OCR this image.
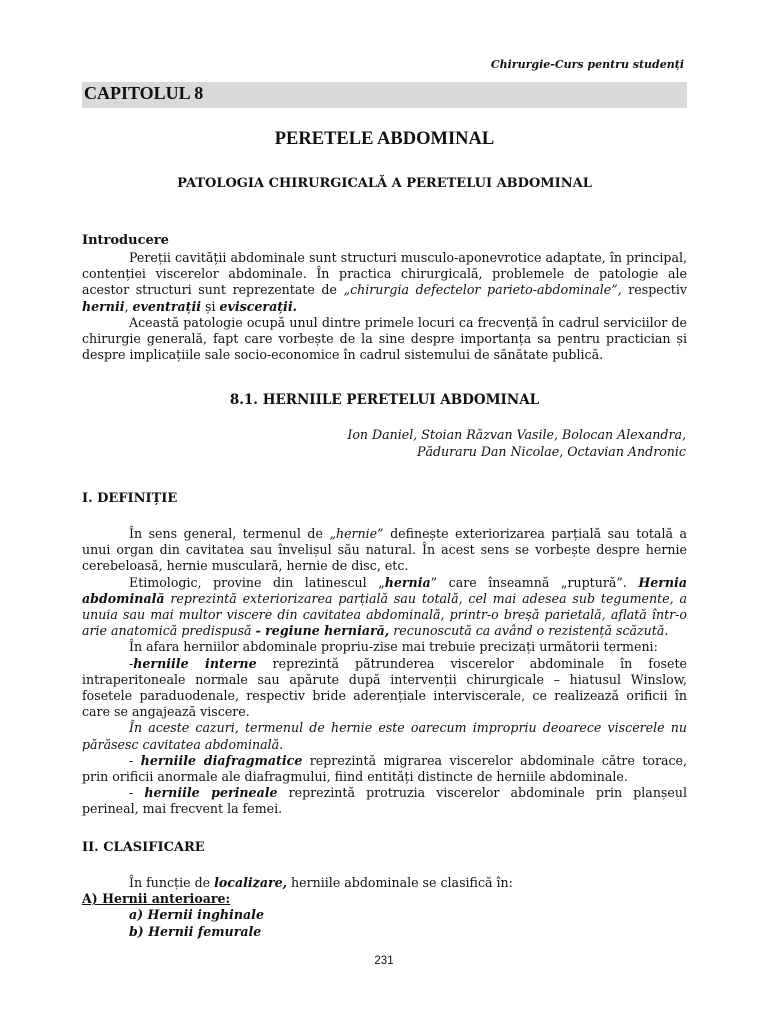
Chirurgie-Curs pentru studenți
CAPITOLUL 8
PERETELE ABDOMINAL
PATOLOGIA CHIRURGICALĂ A PERETELUI ABDOMINAL
Introducere

Pereții cavității abdominale sunt structuri musculo-aponevrotice adaptate, în principal, contenției viscerelor abdominale. În practica chirurgicală, problemele de patologie ale acestor structuri sunt reprezentate de „chirurgia defectelor parieto-abdominale”, respectiv hernii, eventrații și eviscerații.

Această patologie ocupă unul dintre primele locuri ca frecvență în cadrul serviciilor de chirurgie generală, fapt care vorbește de la sine despre importanța sa pentru practician și despre implicațiile sale socio-economice în cadrul sistemului de sănătate publică.

8.1. HERNIILE PERETELUI ABDOMINAL
Ion Daniel, Stoian Răzvan Vasile, Bolocan Alexandra,
Păduraru Dan Nicolae, Octavian Andronic
I. DEFINIȚIE

În sens general, termenul de „hernie” definește exteriorizarea parțială sau totală a unui organ din cavitatea sau învelișul său natural. În acest sens se vorbește despre hernie cerebeloasă, hernie musculară, hernie de disc, etc.

Etimologic, provine din latinescul „hernia” care înseamnă „ruptură”. Hernia abdominală reprezintă exteriorizarea parțială sau totală, cel mai adesea sub tegumente, a unuia sau mai multor viscere din cavitatea abdominală, printr-o breșă parietală, aflată într-o arie anatomică predispusă - regiune herniară, recunoscută ca având o rezistență scăzută.

În afara herniilor abdominale propriu-zise mai trebuie precizați următorii termeni:

-herniile interne reprezintă pătrunderea viscerelor abdominale în fosete intraperitoneale normale sau apărute după intervenții chirurgicale – hiatusul Winslow, fosetele paraduodenale, respectiv bride aderențiale interviscerale, ce realizează orificii în care se angajează viscere.

În aceste cazuri, termenul de hernie este oarecum impropriu deoarece viscerele nu părăsesc cavitatea abdominală.

- herniile diafragmatice reprezintă migrarea viscerelor abdominale către torace, prin orificii anormale ale diafragmului, fiind entități distincte de herniile abdominale.

- herniile perineale reprezintă protruzia viscerelor abdominale prin planșeul perineal, mai frecvent la femei.

II. CLASIFICARE

În funcție de localizare, herniile abdominale se clasifică în:

A) Hernii anterioare:

a) Hernii inghinale

b) Hernii femurale

231
